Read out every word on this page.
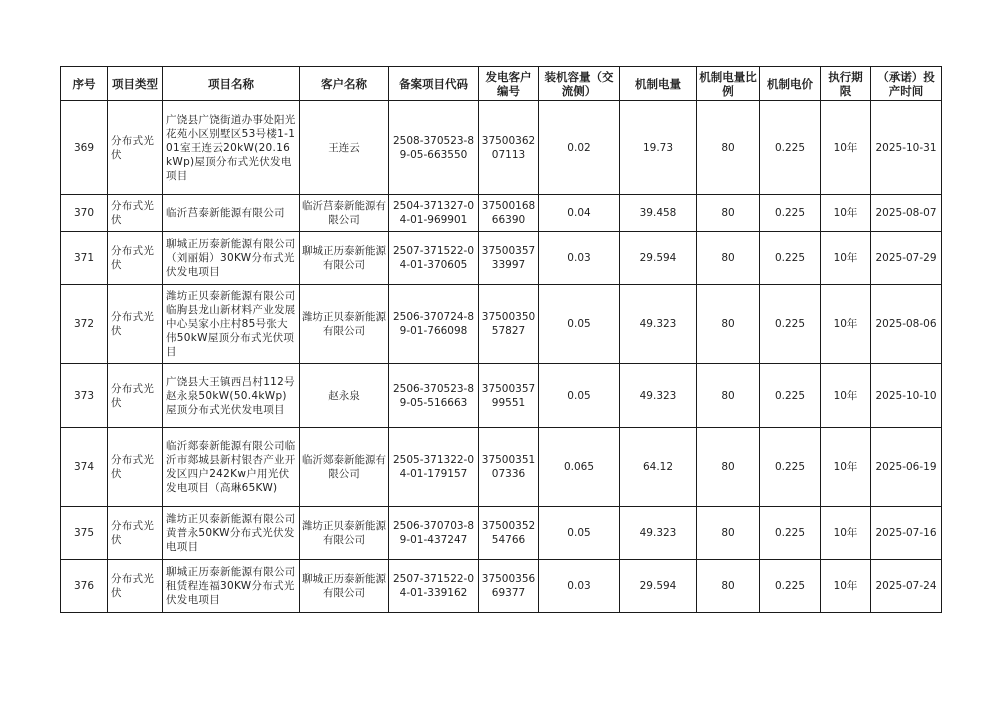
序号	项目类型	项目名称	客户名称	备案项目代码	发电客户编号	装机容量（交流侧）	机制电量	机制电量比例	机制电价	执行期限	（承诺）投产时间
369	分布式光伏	广饶县广饶街道办事处阳光花苑小区别墅区53号楼1-101室王连云20kW(20.16kWp)屋顶分布式光伏发电项目	王连云	2508-370523-89-05-663550	3750036207113	0.02	19.73	80	0.225	10年	2025-10-31
370	分布式光伏	临沂莒泰新能源有限公司	临沂莒泰新能源有限公司	2504-371327-04-01-969901	3750016866390	0.04	39.458	80	0.225	10年	2025-08-07
371	分布式光伏	聊城正历泰新能源有限公司（刘丽娟）30KW分布式光伏发电项目	聊城正历泰新能源有限公司	2507-371522-04-01-370605	3750035733997	0.03	29.594	80	0.225	10年	2025-07-29
372	分布式光伏	潍坊正贝泰新能源有限公司临朐县龙山新材料产业发展中心吴家小庄村85号张大伟50kW屋顶分布式光伏项目	潍坊正贝泰新能源有限公司	2506-370724-89-01-766098	3750035057827	0.05	49.323	80	0.225	10年	2025-08-06
373	分布式光伏	广饶县大王镇西吕村112号赵永泉50kW(50.4kWp)屋顶分布式光伏发电项目	赵永泉	2506-370523-89-05-516663	3750035799551	0.05	49.323	80	0.225	10年	2025-10-10
374	分布式光伏	临沂郯泰新能源有限公司临沂市郯城县新村银杏产业开发区四户242Kw户用光伏发电项目（高琳65KW)	临沂郯泰新能源有限公司	2505-371322-04-01-179157	3750035107336	0.065	64.12	80	0.225	10年	2025-06-19
375	分布式光伏	潍坊正贝泰新能源有限公司黄普永50KW分布式光伏发电项目	潍坊正贝泰新能源有限公司	2506-370703-89-01-437247	3750035254766	0.05	49.323	80	0.225	10年	2025-07-16
376	分布式光伏	聊城正历泰新能源有限公司租赁程连福30KW分布式光伏发电项目	聊城正历泰新能源有限公司	2507-371522-04-01-339162	3750035669377	0.03	29.594	80	0.225	10年	2025-07-24
